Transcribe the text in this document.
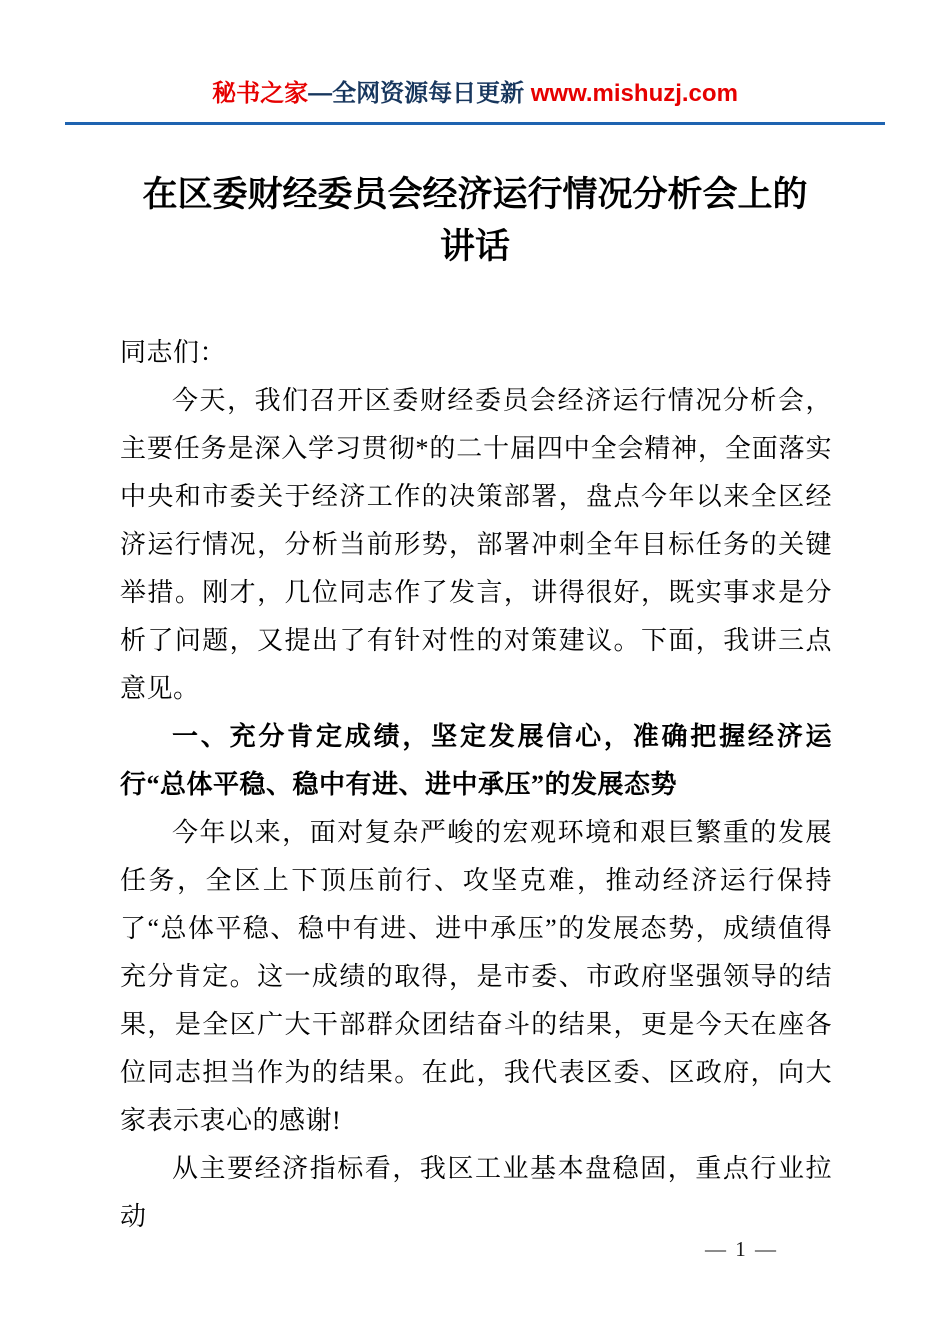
秘书之家—全网资源每日更新 www.mishuzj.com
在区委财经委员会经济运行情况分析会上的
讲话

同志们：

今天，我们召开区委财经委员会经济运行情况分析会，主要任务是深入学习贯彻*的二十届四中全会精神，全面落实中央和市委关于经济工作的决策部署，盘点今年以来全区经济运行情况，分析当前形势，部署冲刺全年目标任务的关键举措。刚才，几位同志作了发言，讲得很好，既实事求是分析了问题，又提出了有针对性的对策建议。下面，我讲三点意见。

一、充分肯定成绩，坚定发展信心，准确把握经济运行“总体平稳、稳中有进、进中承压”的发展态势

今年以来，面对复杂严峻的宏观环境和艰巨繁重的发展任务，全区上下顶压前行、攻坚克难，推动经济运行保持了“总体平稳、稳中有进、进中承压”的发展态势，成绩值得充分肯定。这一成绩的取得，是市委、市政府坚强领导的结果，是全区广大干部群众团结奋斗的结果，更是今天在座各位同志担当作为的结果。在此，我代表区委、区政府，向大家表示衷心的感谢!

从主要经济指标看，我区工业基本盘稳固，重点行业拉动

— 1 —
